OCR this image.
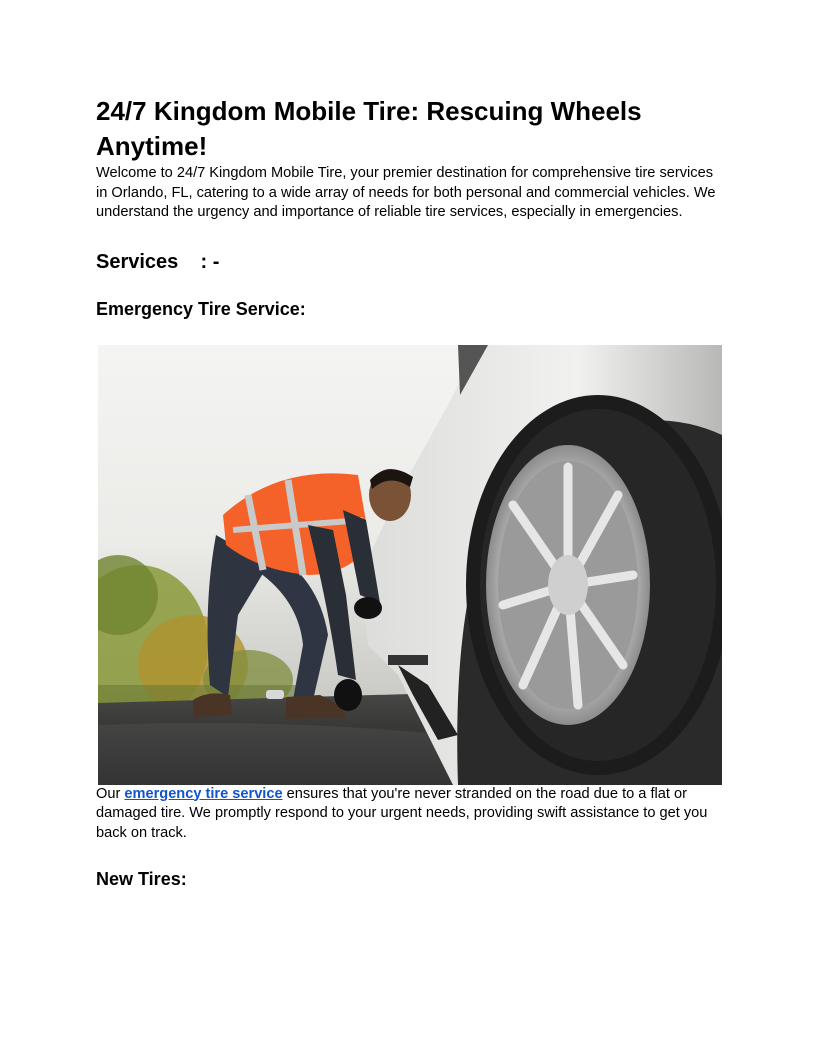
24/7 Kingdom Mobile Tire: Rescuing Wheels Anytime!

Welcome to 24/7 Kingdom Mobile Tire, your premier destination for comprehensive tire services in Orlando, FL, catering to a wide array of needs for both personal and commercial vehicles. We understand the urgency and importance of reliable tire services, especially in emergencies.

Services    : -
Emergency Tire Service:

Our emergency tire service ensures that you're never stranded on the road due to a flat or damaged tire. We promptly respond to your urgent needs, providing swift assistance to get you back on track.

New Tires:
